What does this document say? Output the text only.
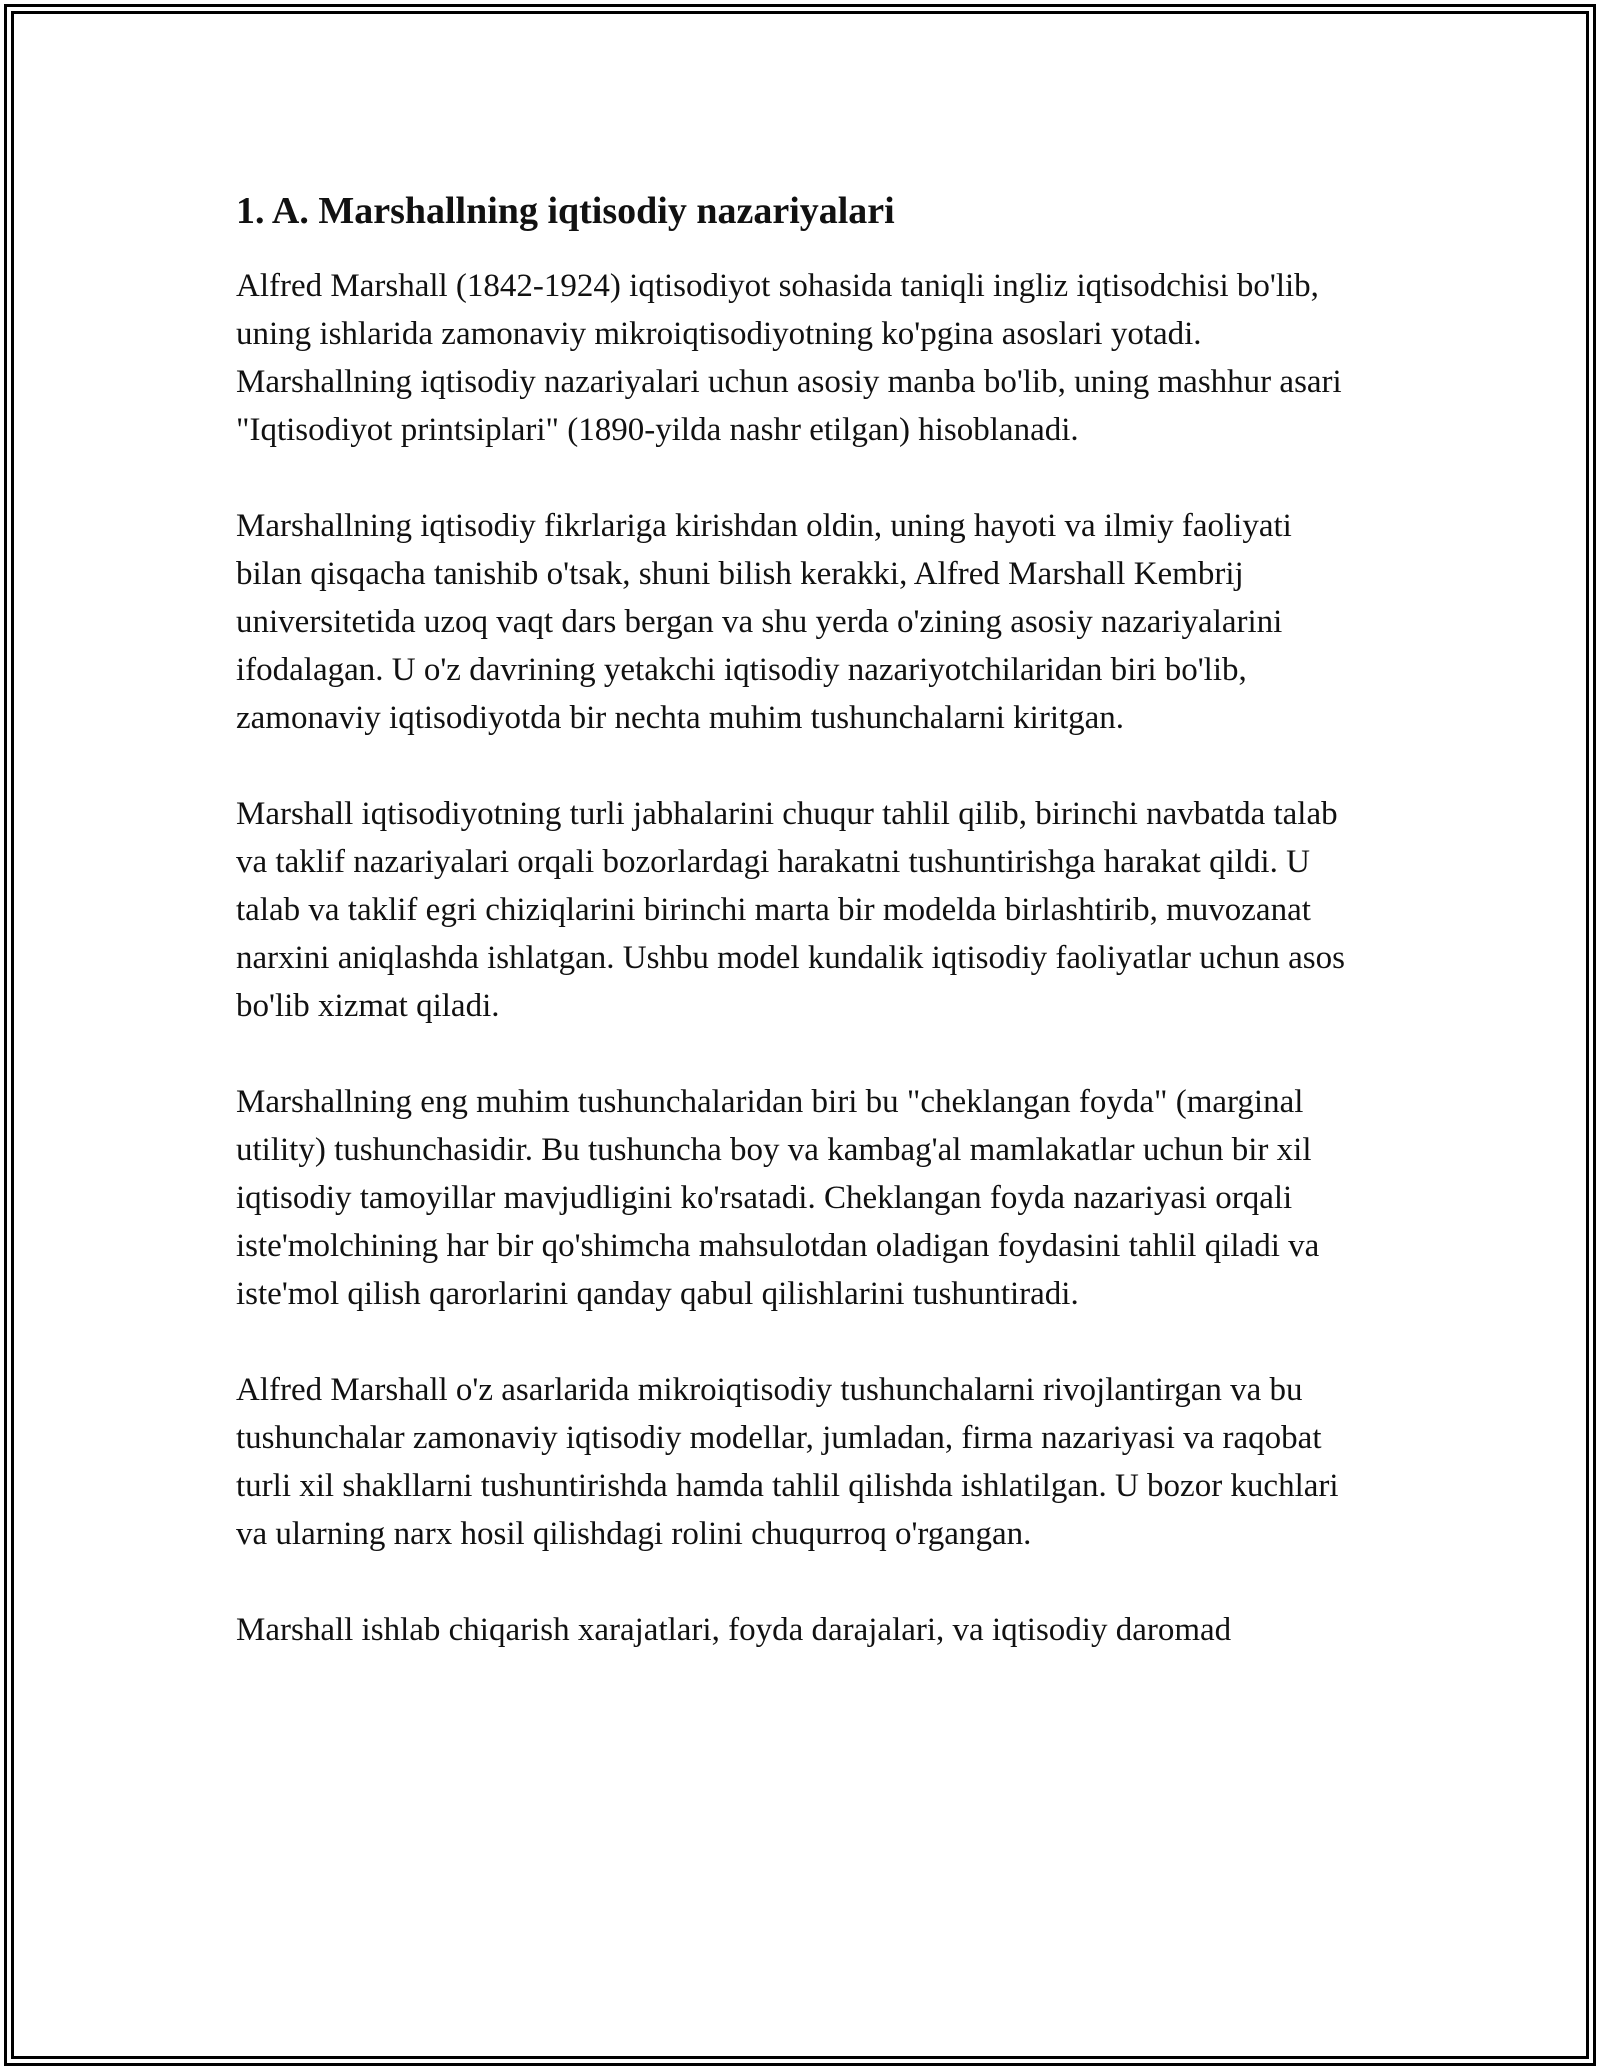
1. A. Marshallning iqtisodiy nazariyalari

Alfred Marshall (1842-1924) iqtisodiyot sohasida taniqli ingliz iqtisodchisi bo'lib, uning ishlarida zamonaviy mikroiqtisodiyotning ko'pgina asoslari yotadi. Marshallning iqtisodiy nazariyalari uchun asosiy manba bo'lib, uning mashhur asari "Iqtisodiyot printsiplari" (1890-yilda nashr etilgan) hisoblanadi.

Marshallning iqtisodiy fikrlariga kirishdan oldin, uning hayoti va ilmiy faoliyati bilan qisqacha tanishib o'tsak, shuni bilish kerakki, Alfred Marshall Kembrij universitetida uzoq vaqt dars bergan va shu yerda o'zining asosiy nazariyalarini ifodalagan. U o'z davrining yetakchi iqtisodiy nazariyotchilaridan biri bo'lib, zamonaviy iqtisodiyotda bir nechta muhim tushunchalarni kiritgan.

Marshall iqtisodiyotning turli jabhalarini chuqur tahlil qilib, birinchi navbatda talab va taklif nazariyalari orqali bozorlardagi harakatni tushuntirishga harakat qildi. U talab va taklif egri chiziqlarini birinchi marta bir modelda birlashtirib, muvozanat narxini aniqlashda ishlatgan. Ushbu model kundalik iqtisodiy faoliyatlar uchun asos bo'lib xizmat qiladi.

Marshallning eng muhim tushunchalaridan biri bu "cheklangan foyda" (marginal utility) tushunchasidir. Bu tushuncha boy va kambag'al mamlakatlar uchun bir xil iqtisodiy tamoyillar mavjudligini ko'rsatadi. Cheklangan foyda nazariyasi orqali iste'molchining har bir qo'shimcha mahsulotdan oladigan foydasini tahlil qiladi va iste'mol qilish qarorlarini qanday qabul qilishlarini tushuntiradi.

Alfred Marshall o'z asarlarida mikroiqtisodiy tushunchalarni rivojlantirgan va bu tushunchalar zamonaviy iqtisodiy modellar, jumladan, firma nazariyasi va raqobat turli xil shakllarni tushuntirishda hamda tahlil qilishda ishlatilgan. U bozor kuchlari va ularning narx hosil qilishdagi rolini chuqurroq o'rgangan.

Marshall ishlab chiqarish xarajatlari, foyda darajalari, va iqtisodiy daromad
